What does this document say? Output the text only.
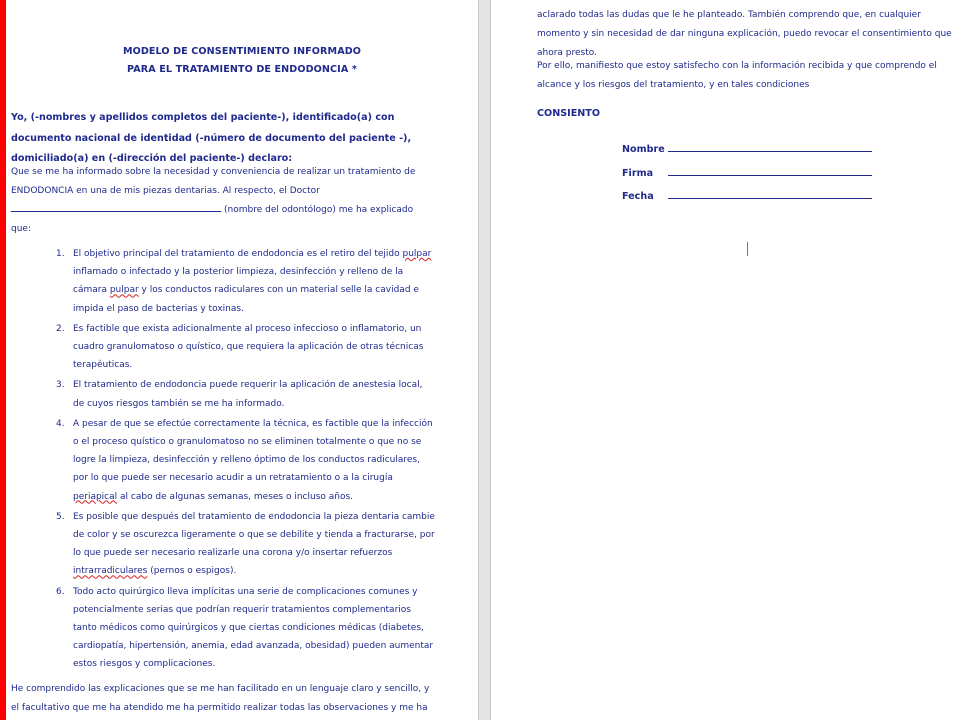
MODELO DE CONSENTIMIENTO INFORMADO
PARA EL TRATAMIENTO DE ENDODONCIA *
Yo, (-nombres y apellidos completos del paciente-), identificado(a) con documento nacional de identidad (-número de documento del paciente -), domiciliado(a) en (-dirección del paciente-) declaro:
Que se me ha informado sobre la necesidad y conveniencia de realizar un tratamiento de ENDODONCIA en una de mis piezas dentarias. Al respecto, el Doctor
(nombre del odontólogo) me ha explicado
que:
1. El objetivo principal del tratamiento de endodoncia es el retiro del tejido pulpar inflamado o infectado y la posterior limpieza, desinfección y relleno de la cámara pulpar y los conductos radiculares con un material selle la cavidad e impida el paso de bacterias y toxinas.
2. Es factible que exista adicionalmente al proceso infeccioso o inflamatorio, un cuadro granulomatoso o quístico, que requiera la aplicación de otras técnicas terapéuticas.
3. El tratamiento de endodoncia puede requerir la aplicación de anestesia local, de cuyos riesgos también se me ha informado.
4. A pesar de que se efectúe correctamente la técnica, es factible que la infección o el proceso quístico o granulomatoso no se eliminen totalmente o que no se logre la limpieza, desinfección y relleno óptimo de los conductos radiculares, por lo que puede ser necesario acudir a un retratamiento o a la cirugía periapical al cabo de algunas semanas, meses o incluso años.
5. Es posible que después del tratamiento de endodoncia la pieza dentaria cambie de color y se oscurezca ligeramente o que se debilite y tienda a fracturarse, por lo que puede ser necesario realizarle una corona y/o insertar refuerzos intrarradiculares (pernos o espigos).
6. Todo acto quirúrgico lleva implícitas una serie de complicaciones comunes y potencialmente serias que podrían requerir tratamientos complementarios tanto médicos como quirúrgicos y que ciertas condiciones médicas (diabetes, cardiopatía, hipertensión, anemia, edad avanzada, obesidad) pueden aumentar estos riesgos y complicaciones.
He comprendido las explicaciones que se me han facilitado en un lenguaje claro y sencillo, y el facultativo que me ha atendido me ha permitido realizar todas las observaciones y me ha
aclarado todas las dudas que le he planteado. También comprendo que, en cualquier momento y sin necesidad de dar ninguna explicación, puedo revocar el consentimiento que ahora presto.
Por ello, manifiesto que estoy satisfecho con la información recibida y que comprendo el alcance y los riesgos del tratamiento, y en tales condiciones
CONSIENTO
Nombre
Firma
Fecha
